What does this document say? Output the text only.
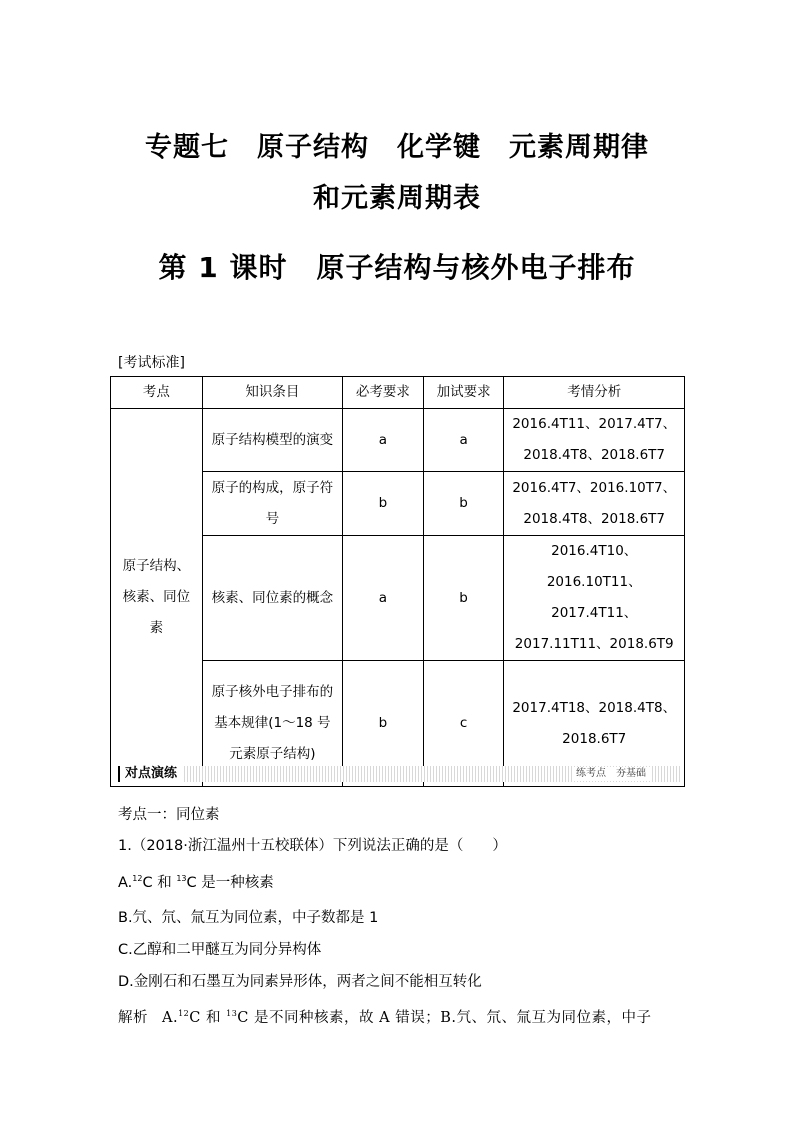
专题七　原子结构　化学键　元素周期律
和元素周期表
第 1 课时　原子结构与核外电子排布
[考试标准]
考点	知识条目	必考要求	加试要求	考情分析
原子结构、核素、同位素	原子结构模型的演变	a	a	2016.4T11、2017.4T7、2018.4T8、2018.6T7
	原子的构成，原子符号	b	b	2016.4T7、2016.10T7、2018.4T8、2018.6T7
	核素、同位素的概念	a	b	2016.4T10、2016.10T11、2017.4T11、2017.11T11、2018.6T9
	原子核外电子排布的基本规律(1～18 号元素原子结构)	b	c	2017.4T18、2018.4T8、2018.6T7
对点演练	练考点　夯基础
考点一：同位素
1.（2018·浙江温州十五校联体）下列说法正确的是（　　）
A.$^{12}$C 和 $^{13}$C 是一种核素
B.氕、氘、氚互为同位素，中子数都是 1
C.乙醇和二甲醚互为同分异构体
D.金刚石和石墨互为同素异形体，两者之间不能相互转化
解析 A.$^{12}$C 和 $^{13}$C 是不同种核素，故 A 错误；B.氕、氘、氚互为同位素，中子
